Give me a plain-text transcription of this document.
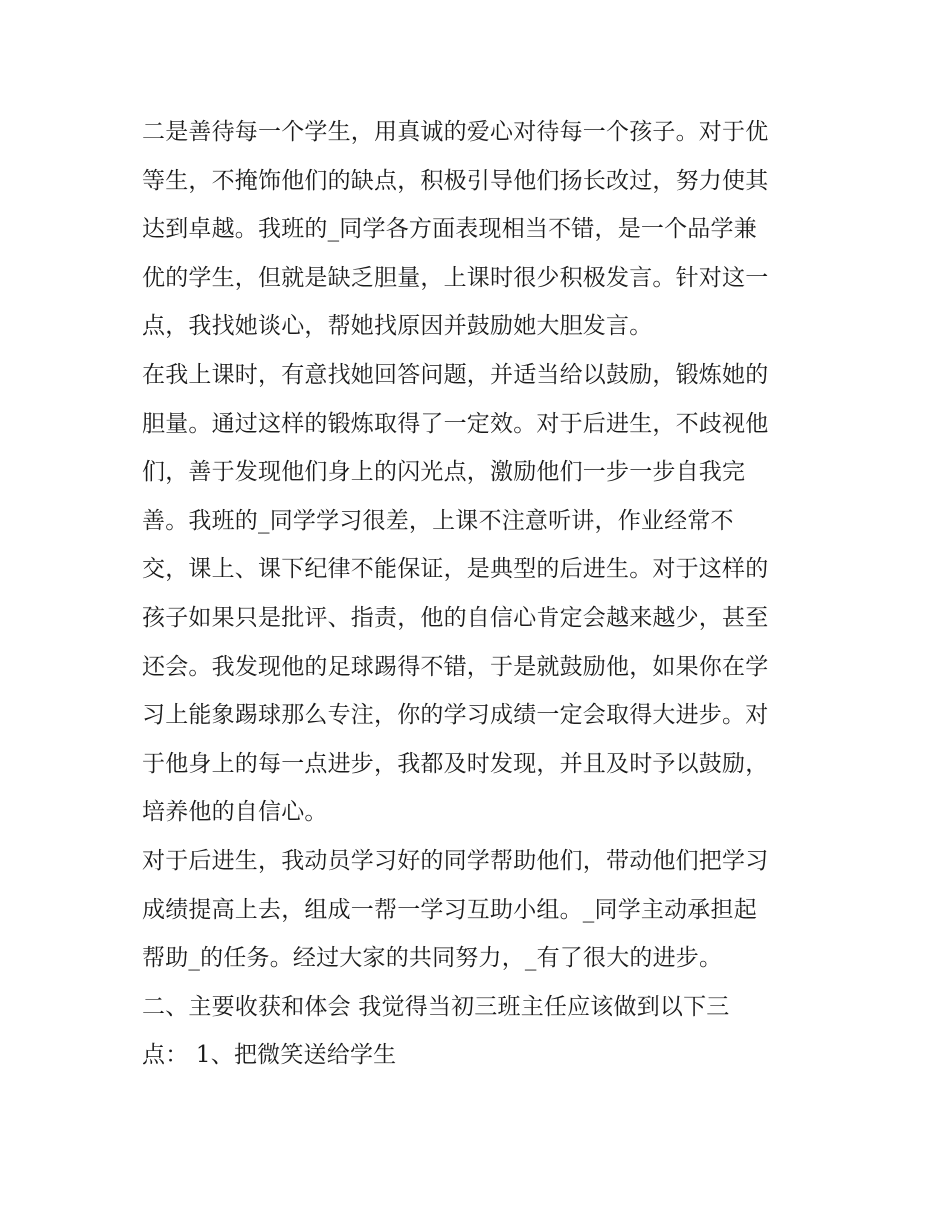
二是善待每一个学生，用真诚的爱心对待每一个孩子。对于优
等生，不掩饰他们的缺点，积极引导他们扬长改过，努力使其
达到卓越。我班的_同学各方面表现相当不错，是一个品学兼
优的学生，但就是缺乏胆量，上课时很少积极发言。针对这一
点，我找她谈心，帮她找原因并鼓励她大胆发言。
在我上课时，有意找她回答问题，并适当给以鼓励，锻炼她的
胆量。通过这样的锻炼取得了一定效。对于后进生，不歧视他
们，善于发现他们身上的闪光点，激励他们一步一步自我完
善。我班的_同学学习很差，上课不注意听讲，作业经常不
交，课上、课下纪律不能保证，是典型的后进生。对于这样的
孩子如果只是批评、指责，他的自信心肯定会越来越少，甚至
还会。我发现他的足球踢得不错，于是就鼓励他，如果你在学
习上能象踢球那么专注，你的学习成绩一定会取得大进步。对
于他身上的每一点进步，我都及时发现，并且及时予以鼓励，
培养他的自信心。
对于后进生，我动员学习好的同学帮助他们，带动他们把学习
成绩提高上去，组成一帮一学习互助小组。_同学主动承担起
帮助_的任务。经过大家的共同努力，_有了很大的进步。
二、主要收获和体会 我觉得当初三班主任应该做到以下三
点： 1、把微笑送给学生
